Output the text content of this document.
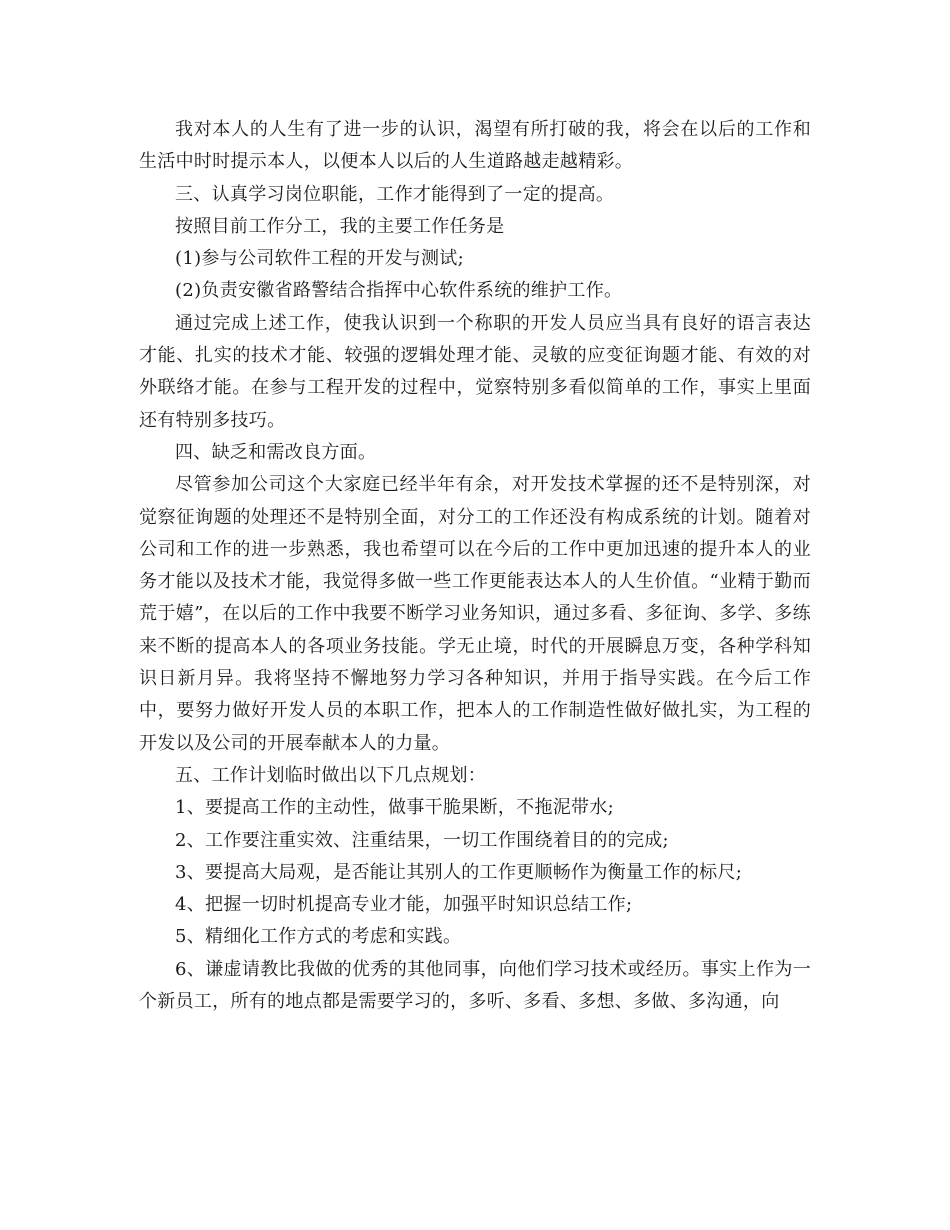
我对本人的人生有了进一步的认识，渴望有所打破的我，将会在以后的工作和生活中时时提示本人，以便本人以后的人生道路越走越精彩。

三、认真学习岗位职能，工作才能得到了一定的提高。

按照目前工作分工，我的主要工作任务是

(1)参与公司软件工程的开发与测试;

(2)负责安徽省路警结合指挥中心软件系统的维护工作。

通过完成上述工作，使我认识到一个称职的开发人员应当具有良好的语言表达才能、扎实的技术才能、较强的逻辑处理才能、灵敏的应变征询题才能、有效的对外联络才能。在参与工程开发的过程中，觉察特别多看似简单的工作，事实上里面还有特别多技巧。

四、缺乏和需改良方面。

尽管参加公司这个大家庭已经半年有余，对开发技术掌握的还不是特别深，对觉察征询题的处理还不是特别全面，对分工的工作还没有构成系统的计划。随着对公司和工作的进一步熟悉，我也希望可以在今后的工作中更加迅速的提升本人的业务才能以及技术才能，我觉得多做一些工作更能表达本人的人生价值。“业精于勤而荒于嬉”，在以后的工作中我要不断学习业务知识，通过多看、多征询、多学、多练来不断的提高本人的各项业务技能。学无止境，时代的开展瞬息万变，各种学科知识日新月异。我将坚持不懈地努力学习各种知识，并用于指导实践。在今后工作中，要努力做好开发人员的本职工作，把本人的工作制造性做好做扎实，为工程的开发以及公司的开展奉献本人的力量。

五、工作计划临时做出以下几点规划：

1、要提高工作的主动性，做事干脆果断，不拖泥带水;

2、工作要注重实效、注重结果，一切工作围绕着目的的完成;

3、要提高大局观，是否能让其别人的工作更顺畅作为衡量工作的标尺;

4、把握一切时机提高专业才能，加强平时知识总结工作;

5、精细化工作方式的考虑和实践。

6、谦虚请教比我做的优秀的其他同事，向他们学习技术或经历。事实上作为一个新员工，所有的地点都是需要学习的，多听、多看、多想、多做、多沟通，向
